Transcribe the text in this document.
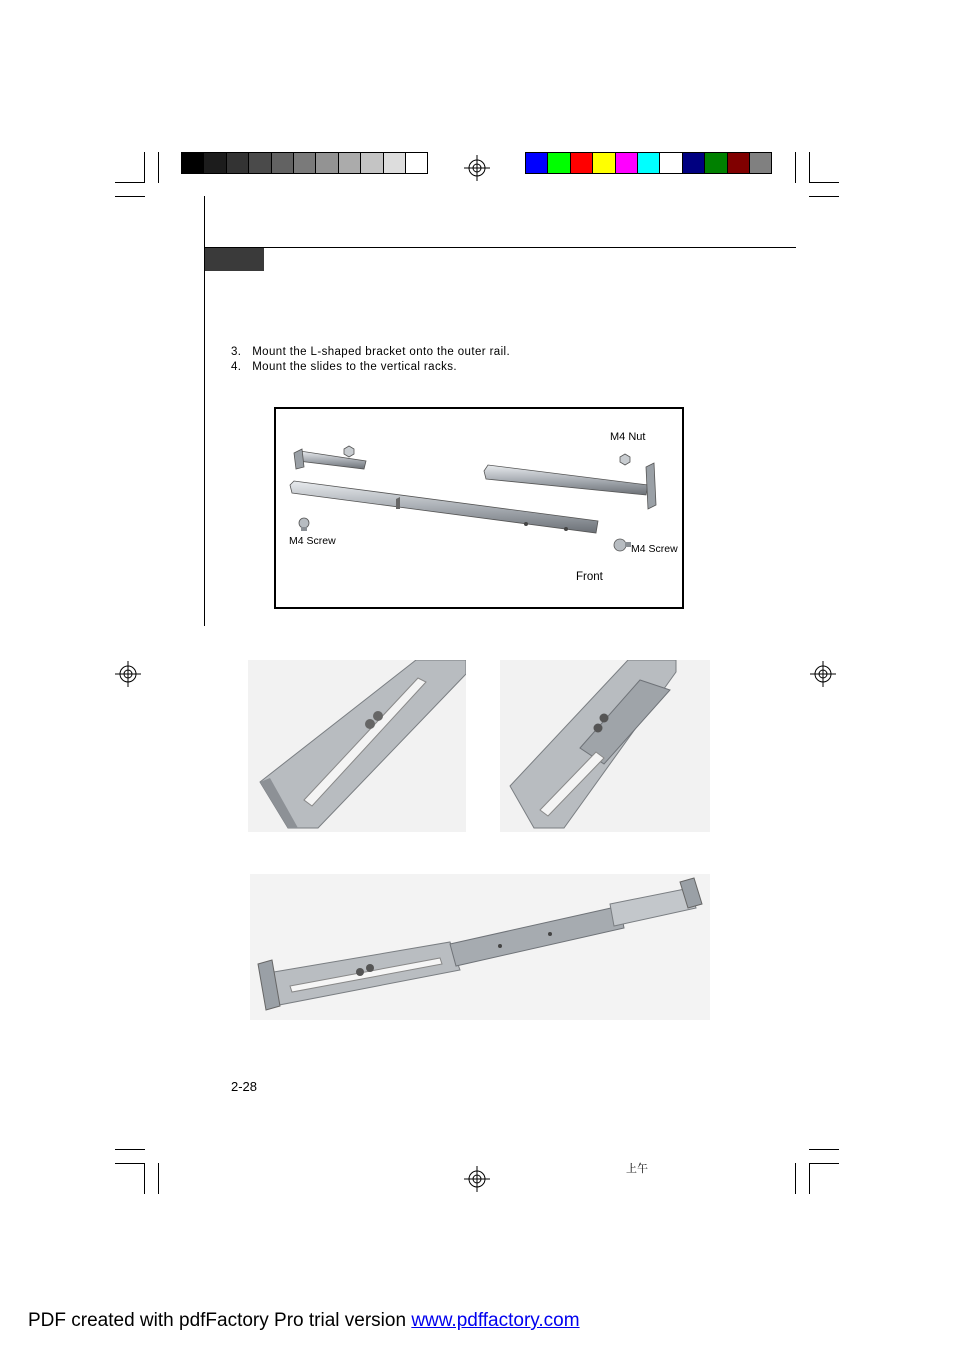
3. Mount the L-shaped bracket onto the outer rail.
4. Mount the slides to the vertical racks.
M4 Nut
M4 Screw
M4 Screw
Front
2-28
上午
PDF created with pdfFactory Pro trial version www.pdffactory.com
